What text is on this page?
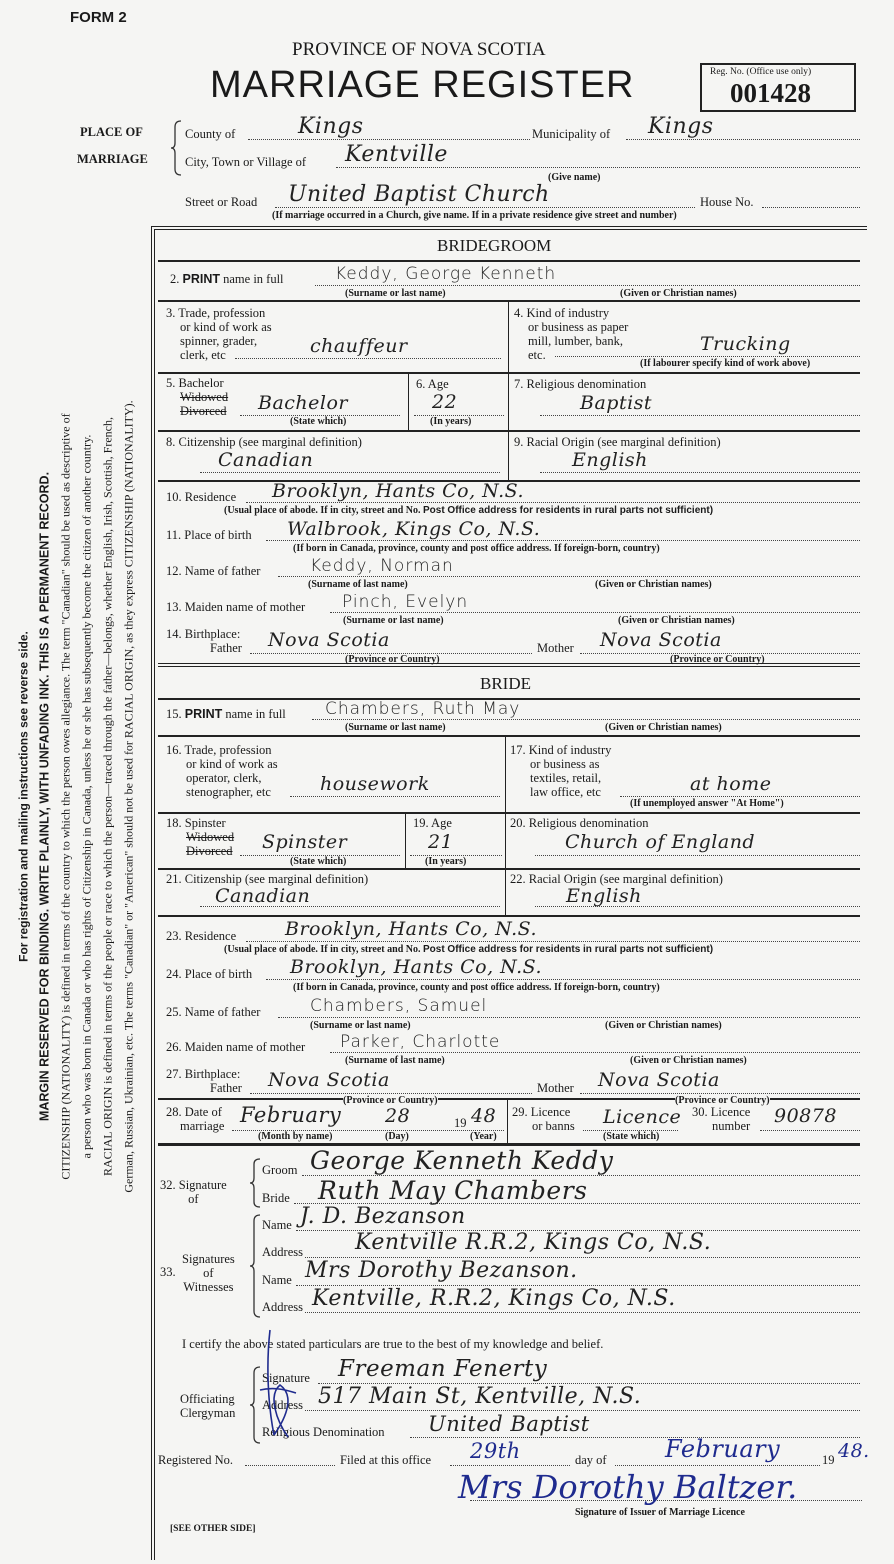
For registration and mailing instructions see reverse side. MARGIN RESERVED FOR BINDING. WRITE PLAINLY, WITH UNFADING INK. THIS IS A PERMANENT RECORD. CITIZENSHIP (NATIONALITY) is defined in terms of the country to which the person owes allegiance. The term "Canadian" should be used as descriptive of a person who was born in Canada or who has rights of Citizenship in Canada, unless he or she has subsequently become the citizen of another country. RACIAL ORIGIN is defined in terms of the people or race to which the person—traced through the father—belongs, whether English, Irish, Scottish, French, German, Russian, Ukrainian, etc. The terms "Canadian" or "American" should not be used for RACIAL ORIGIN, as they express CITIZENSHIP (NATIONALITY).
FORM 2
PROVINCE OF NOVA SCOTIA
MARRIAGE REGISTER	Reg. No. (Office use only)
001428
PLACE OF
MARRIAGE
County of	Kings	Municipality of Kings
City, Town or Village of Kentville
(Give name)
Street or Road United Baptist Church	House No.
(If marriage occurred in a Church, give name. If in a private residence give street and number)
BRIDEGROOM
2. PRINT name in full	Keddy, George Kenneth
(Surname or last name)	(Given or Christian names)
3. Trade, profession
or kind of work as
spinner, grader,
clerk, etc	chauffeur
4. Kind of industry
or business as paper
mill, lumber, bank,
etc.	Trucking
(If labourer specify kind of work above)
5. Bachelor
Widowed
Divorced Bachelor
(State which)
6. Age
22
(In years)
7. Religious denomination
Baptist
8. Citizenship (see marginal definition)
Canadian
9. Racial Origin (see marginal definition)
English
10. Residence Brooklyn, Hants Co, N.S.
(Usual place of abode. If in city, street and No. Post Office address for residents in rural parts not sufficient)
11. Place of birth Walbrook, Kings Co, N.S.
(If born in Canada, province, county and post office address. If foreign-born, country)
12. Name of father	Keddy, Norman
(Surname of last name)	(Given or Christian names)
13. Maiden name of mother Pinch, Evelyn
(Surname or last name)	(Given or Christian names)
14. Birthplace:
Father Nova Scotia	Mother Nova Scotia
(Province or Country)	(Province or Country)
BRIDE
15. PRINT name in full Chambers, Ruth May
(Surname or last name)	(Given or Christian names)
16. Trade, profession
or kind of work as
operator, clerk,
stenographer, etc	housework
17. Kind of industry
or business as
textiles, retail,
law office, etc	at home
(If unemployed answer "At Home")
18. Spinster
Widowed
Divorced Spinster
(State which)
19. Age
21
(In years)
20. Religious denomination
Church of England
21. Citizenship (see marginal definition)
Canadian
22. Racial Origin (see marginal definition)
English
23. Residence	Brooklyn, Hants Co, N.S.
(Usual place of abode. If in city, street and No. Post Office address for residents in rural parts not sufficient)
24. Place of birth Brooklyn, Hants Co, N.S.
(If born in Canada, province, county and post office address. If foreign-born, country)
25. Name of father	Chambers, Samuel
(Surname or last name)	(Given or Christian names)
26. Maiden name of mother Parker, Charlotte
(Surname of last name)	(Given or Christian names)
27. Birthplace:
Father Nova Scotia	Mother Nova Scotia
(Province or Country)	(Province or Country)
28. Date of
marriage February 28	19 48
(Month by name)	(Day)	(Year)
29. Licence
or banns Licence
(State which)
30. Licence
number 90878
32. Signature
of
Groom George Kenneth Keddy
Bride Ruth May Chambers
33.
Signatures
of
Witnesses
Name J. D. Bezanson
Address Kentville R.R.2, Kings Co, N.S.
Name Mrs Dorothy Bezanson.
Address Kentville, R.R.2, Kings Co, N.S.
I certify the above stated particulars are true to the best of my knowledge and belief.
Officiating
Clergyman
Signature Freeman Fenerty
Address 517 Main St, Kentville, N.S.
Religious Denomination United Baptist
Registered No.	Filed at this office 29th	day of February	19 48.
Mrs Dorothy Baltzer.
Signature of Issuer of Marriage Licence
[SEE OTHER SIDE]
